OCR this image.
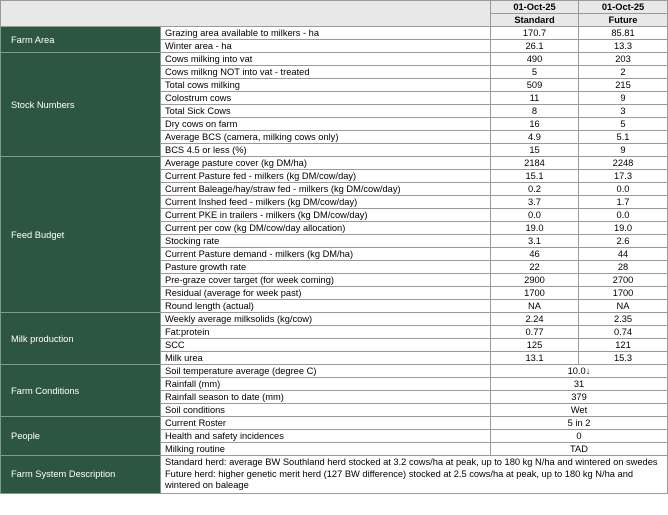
		01-Oct-25	01-Oct-25
		Standard	Future
Farm Area	Grazing area available to milkers - ha	170.7	85.81
	Winter area - ha	26.1	13.3
Stock Numbers	Cows milking into vat	490	203
	Cows milkng NOT into vat - treated	5	2
	Total cows milking	509	215
	Colostrum cows	11	9
	Total Sick Cows	8	3
	Dry cows on farm	16	5
	Average BCS (camera, milking cows only)	4.9	5.1
	BCS 4.5 or less (%)	15	9
Feed Budget	Average pasture cover (kg DM/ha)	2184	2248
	Current Pasture fed - milkers (kg DM/cow/day)	15.1	17.3
	Current Baleage/hay/straw fed - milkers (kg DM/cow/day)	0.2	0.0
	Current Inshed feed - milkers (kg DM/cow/day)	3.7	1.7
	Current PKE in trailers - milkers (kg DM/cow/day)	0.0	0.0
	Current per cow (kg DM/cow/day allocation)	19.0	19.0
	Stocking rate	3.1	2.6
	Current Pasture demand - milkers (kg DM/ha)	46	44
	Pasture growth rate	22	28
	Pre-graze cover target (for week coming)	2900	2700
	Residual (average for week past)	1700	1700
	Round length (actual)	NA	NA
Milk production	Weekly average milksolids (kg/cow)	2.24	2.35
	Fat:protein	0.77	0.74
	SCC	125	121
	Milk urea	13.1	15.3
Farm Conditions	Soil temperature average (degree C)	10.0↓	
	Rainfall (mm)	31	
	Rainfall season to date (mm)	379	
	Soil conditions	Wet	
People	Current Roster	5 in 2	
	Health and safety incidences	0	
	Milking routine	TAD	
Farm System Description	Standard herd: average BW Southland herd stocked at 3.2 cows/ha at peak, up to 180 kg N/ha and wintered on swedes
Future herd: higher genetic merit herd (127 BW difference) stocked at 2.5 cows/ha at peak, up to 180 kg N/ha and wintered on baleage		
